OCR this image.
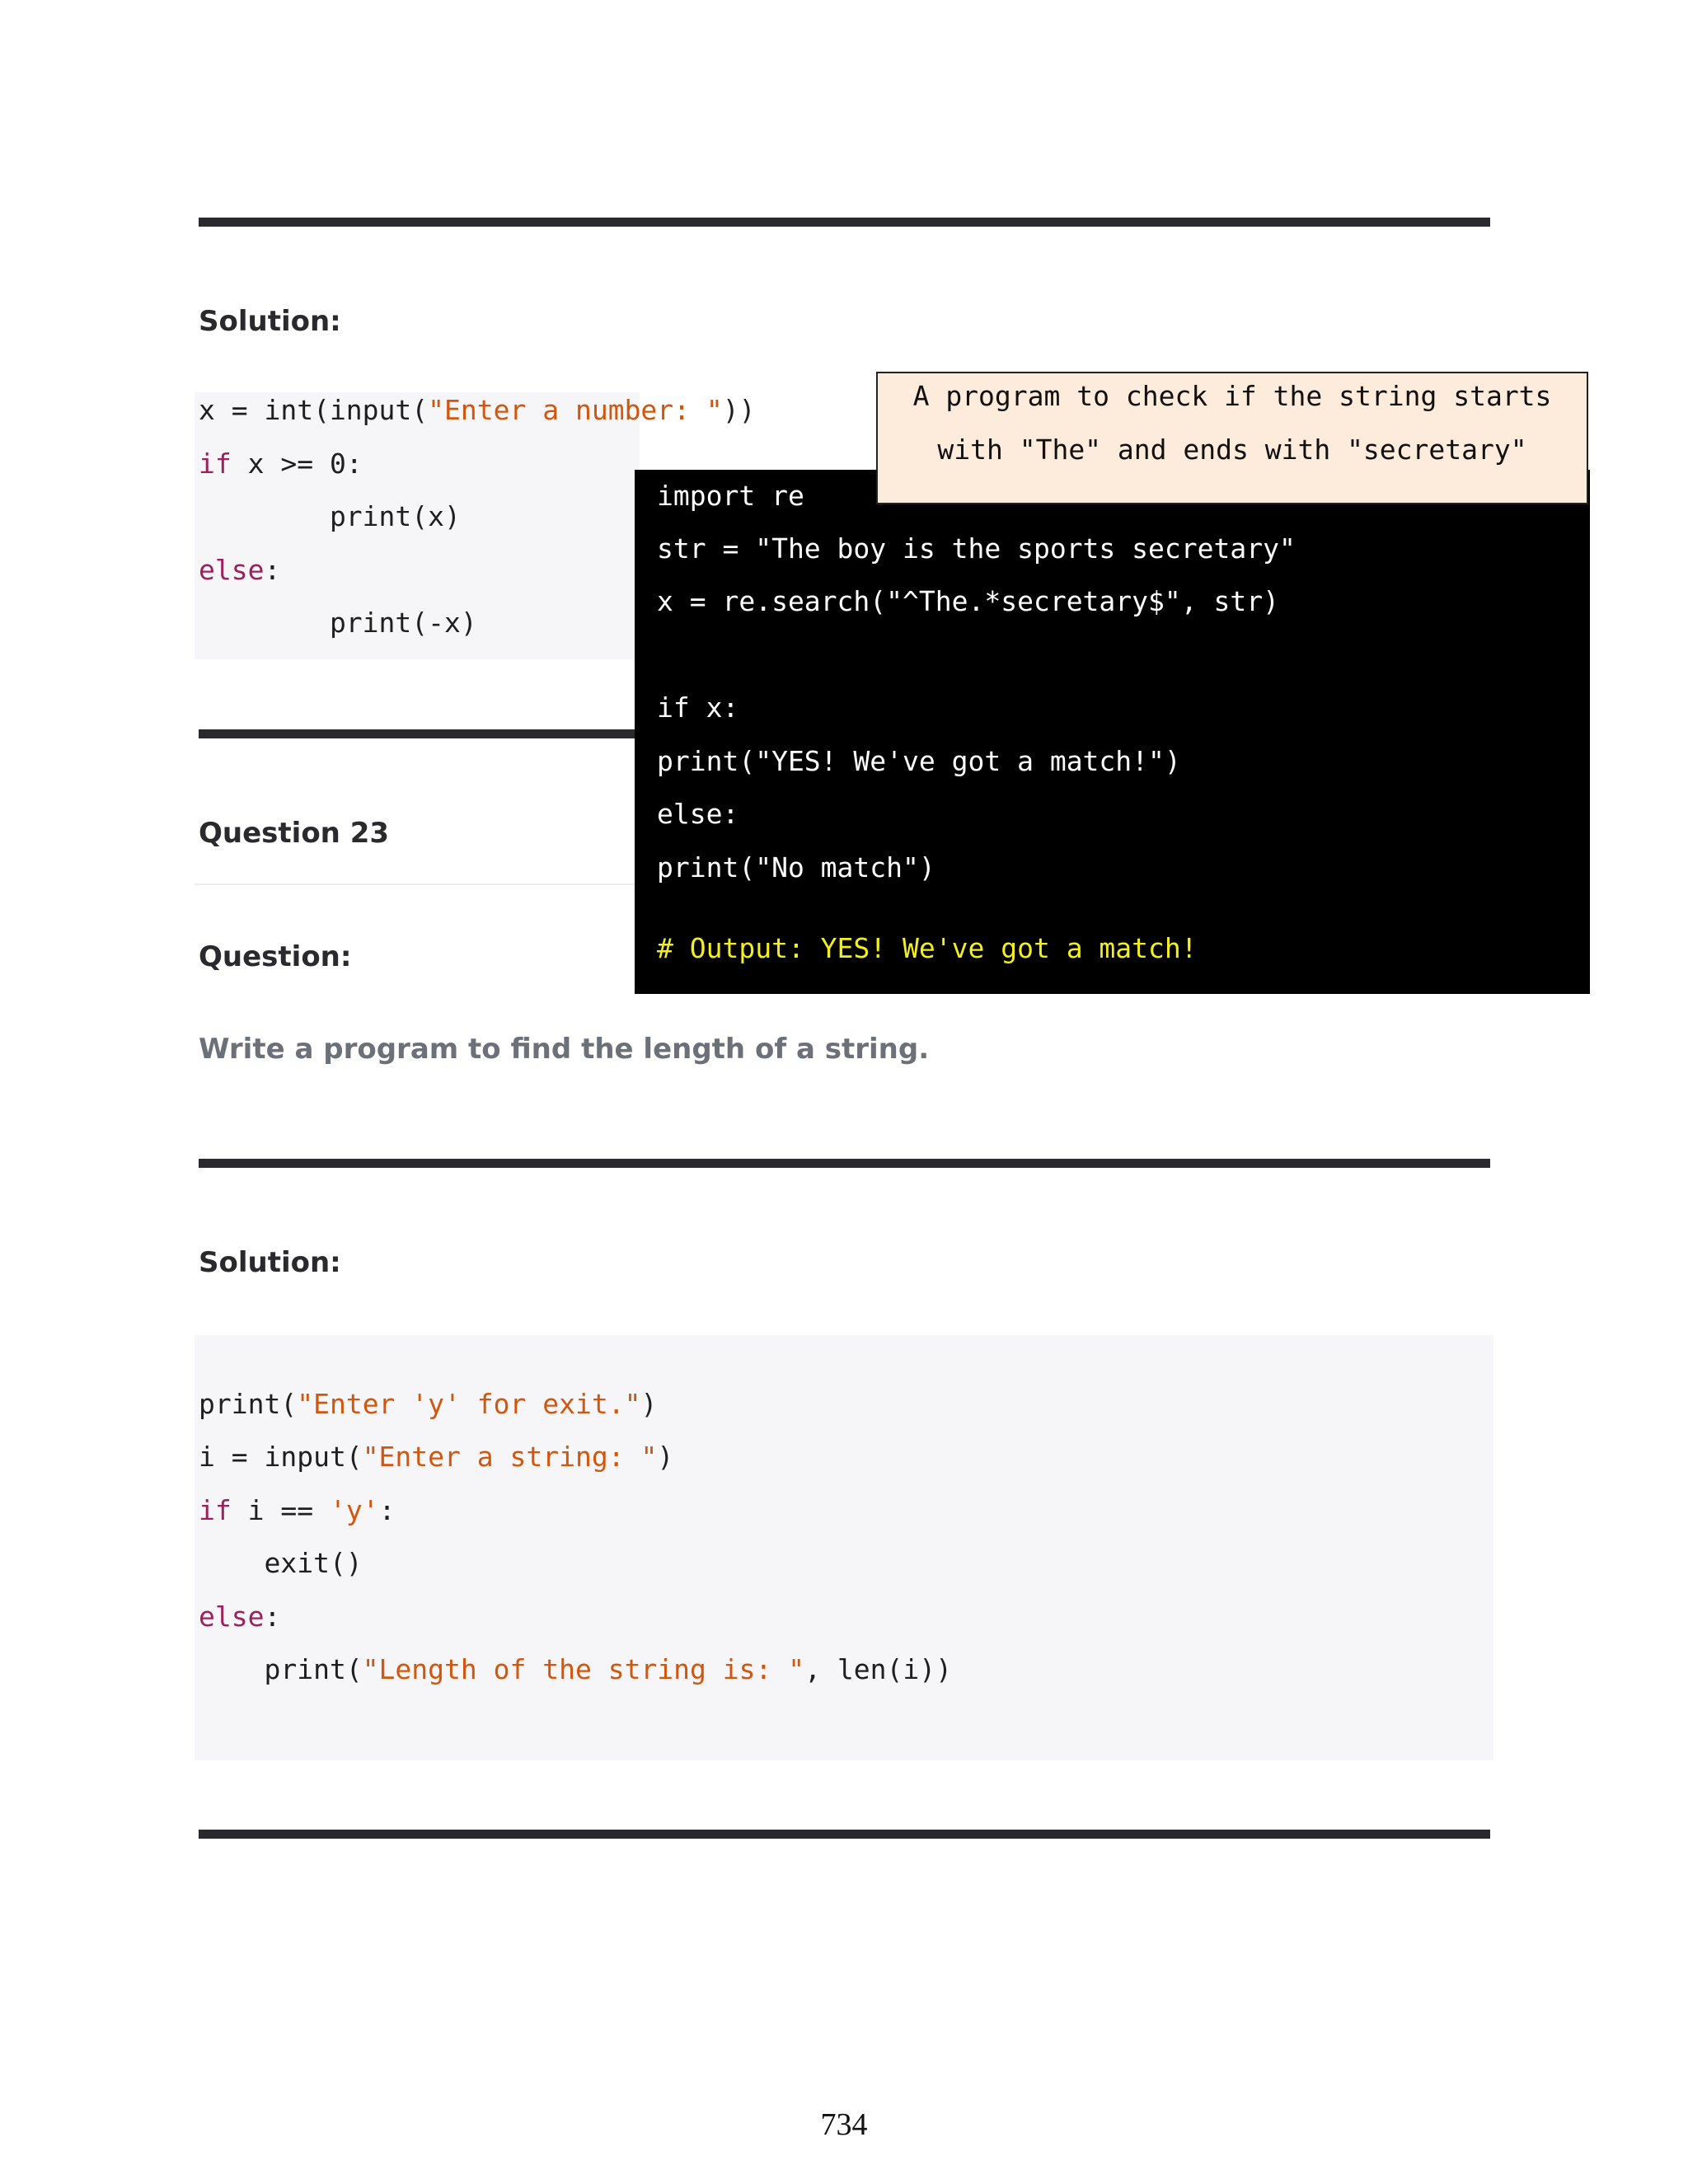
Solution:
x = int(input("Enter a number: "))
if x >= 0:
print(x)
else:
print(-x)
Question 23
Question:

Write a program to find the length of a string.

Solution:
print("Enter 'y' for exit.")
i = input("Enter a string: ")
if i == 'y':
exit()
else:
print("Length of the string is: ", len(i))
import re
str = "The boy is the sports secretary"
x = re.search("^The.*secretary$", str)
if x:
print("YES! We've got a match!")
else:
print("No match")
# Output: YES! We've got a match!
A program to check if the string starts
with "The" and ends with "secretary"
734
